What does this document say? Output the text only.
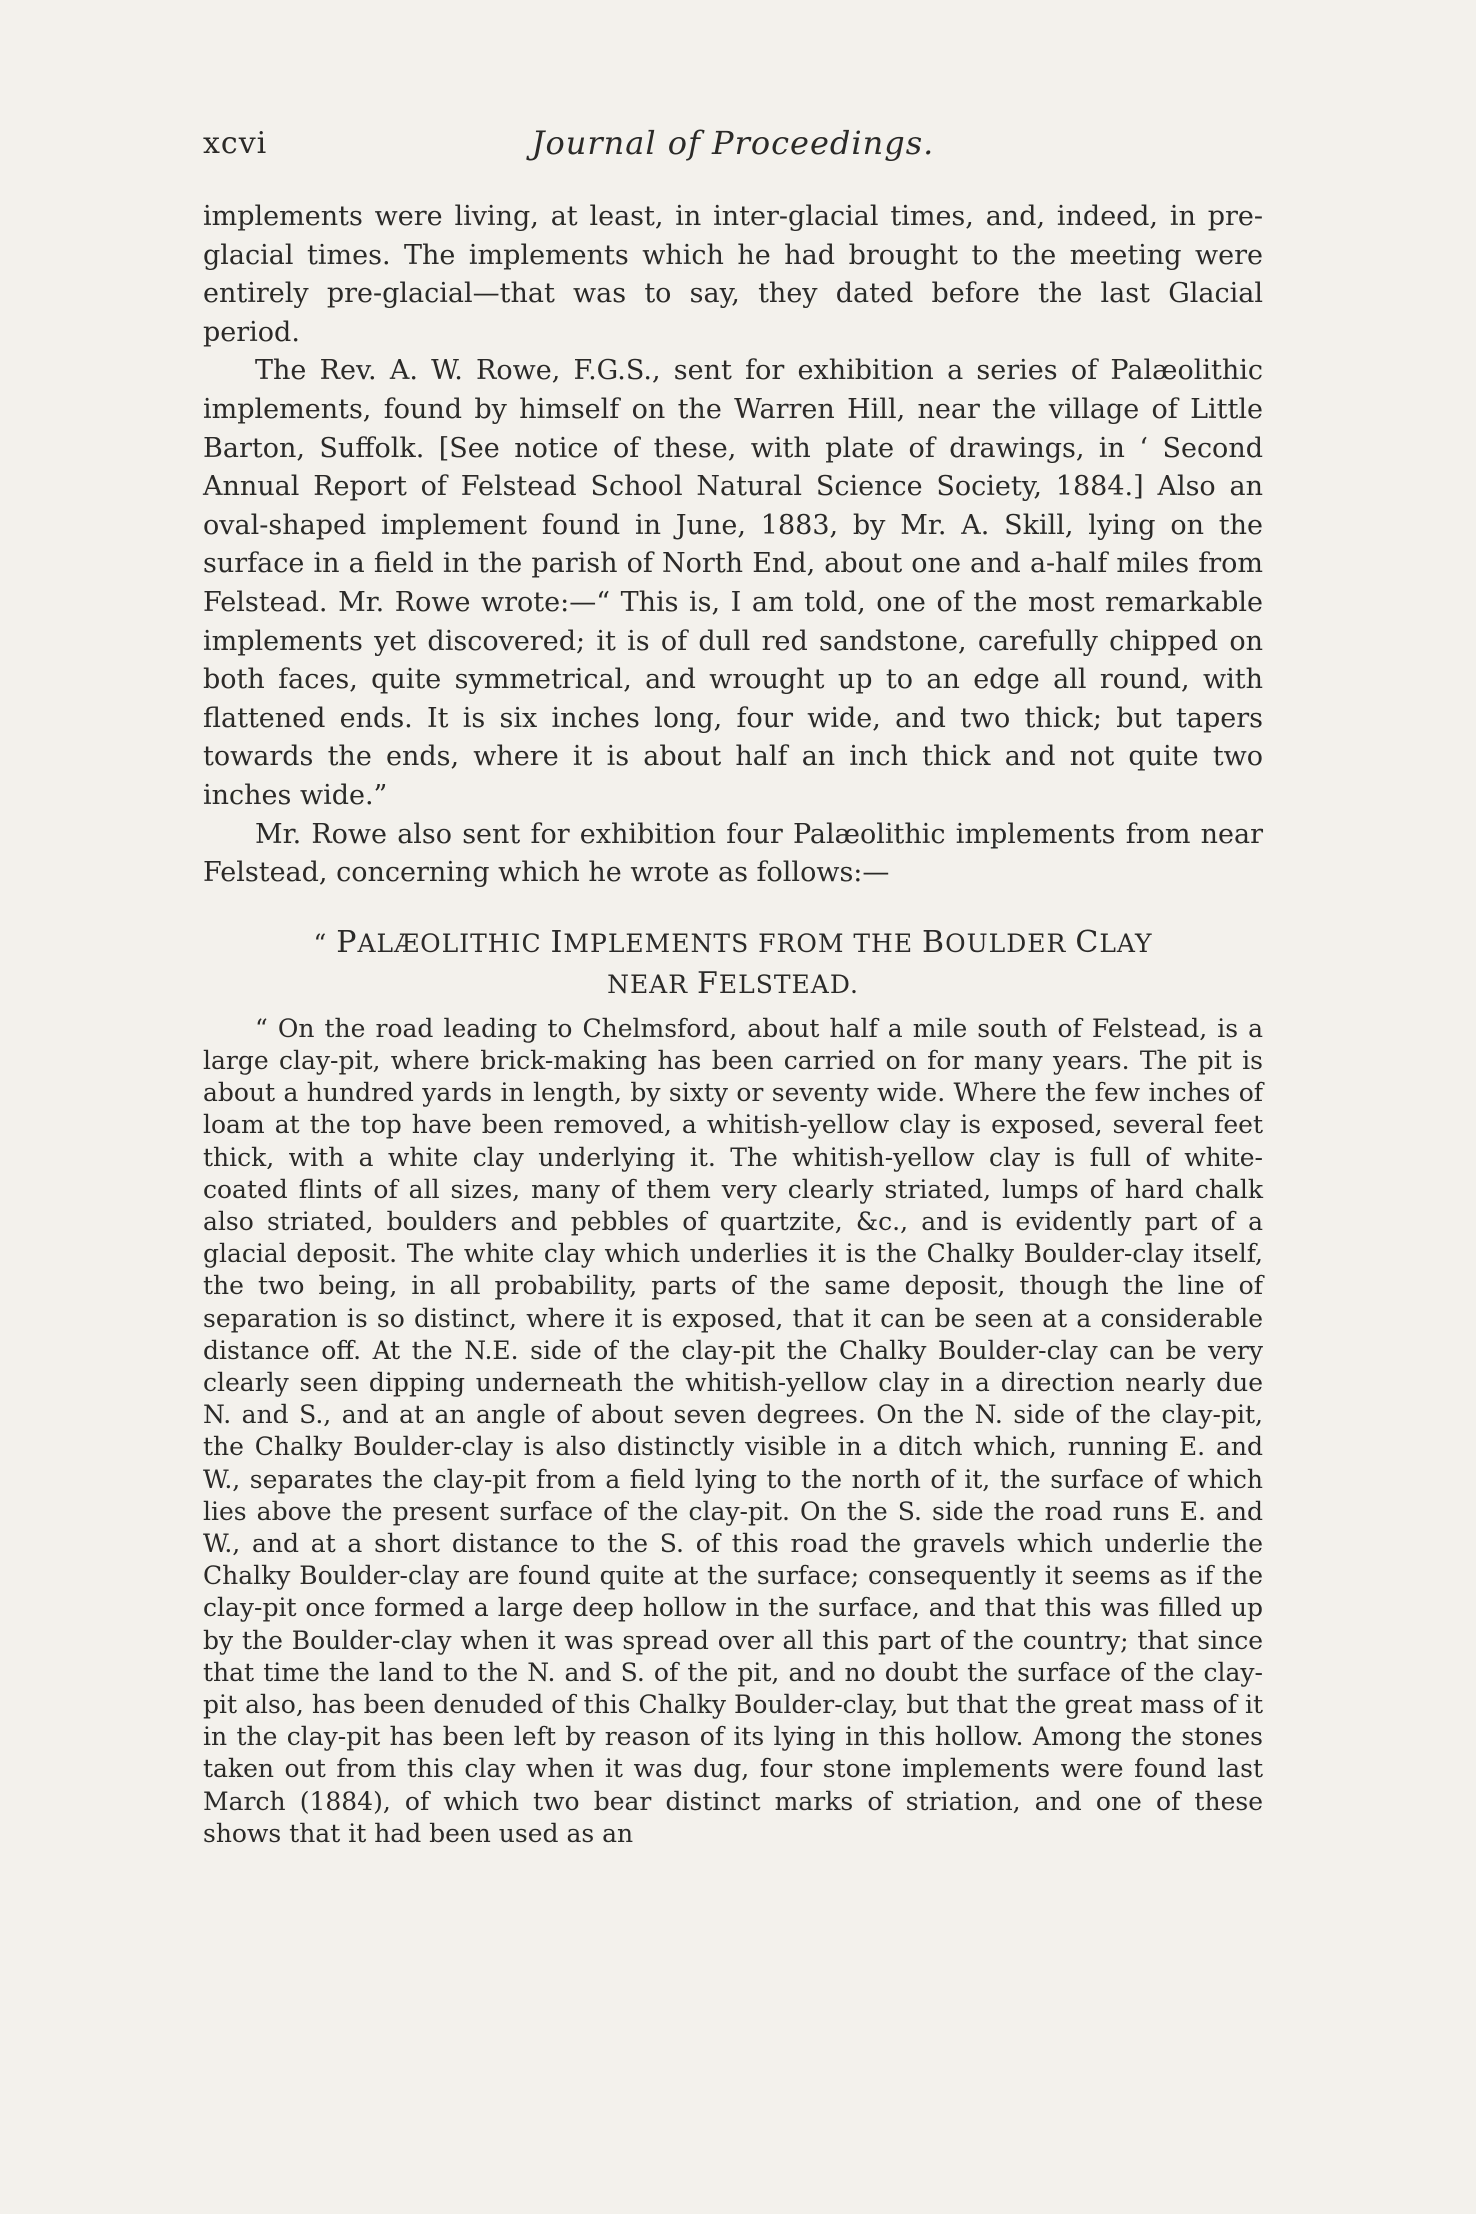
xcvi	Journal of Proceedings.

implements were living, at least, in inter-glacial times, and, indeed, in pre-glacial times. The implements which he had brought to the meeting were entirely pre-glacial—that was to say, they dated before the last Glacial period.

The Rev. A. W. Rowe, F.G.S., sent for exhibition a series of Palæolithic implements, found by himself on the Warren Hill, near the village of Little Barton, Suffolk. [See notice of these, with plate of drawings, in ‘ Second Annual Report of Felstead School Natural Science Society, 1884.] Also an oval-shaped implement found in June, 1883, by Mr. A. Skill, lying on the surface in a field in the parish of North End, about one and a-half miles from Felstead. Mr. Rowe wrote:—“ This is, I am told, one of the most remarkable implements yet discovered; it is of dull red sandstone, carefully chipped on both faces, quite symmetrical, and wrought up to an edge all round, with flattened ends. It is six inches long, four wide, and two thick; but tapers towards the ends, where it is about half an inch thick and not quite two inches wide.”

Mr. Rowe also sent for exhibition four Palæolithic implements from near Felstead, concerning which he wrote as follows:—

“ PALÆOLITHIC IMPLEMENTS FROM THE BOULDER CLAY
NEAR FELSTEAD.

“ On the road leading to Chelmsford, about half a mile south of Felstead, is a large clay-pit, where brick-making has been carried on for many years. The pit is about a hundred yards in length, by sixty or seventy wide. Where the few inches of loam at the top have been removed, a whitish-yellow clay is exposed, several feet thick, with a white clay underlying it. The whitish-yellow clay is full of white-coated flints of all sizes, many of them very clearly striated, lumps of hard chalk also striated, boulders and pebbles of quartzite, &c., and is evidently part of a glacial deposit. The white clay which underlies it is the Chalky Boulder-clay itself, the two being, in all probability, parts of the same deposit, though the line of separation is so distinct, where it is exposed, that it can be seen at a considerable distance off. At the N.E. side of the clay-pit the Chalky Boulder-clay can be very clearly seen dipping underneath the whitish-yellow clay in a direction nearly due N. and S., and at an angle of about seven degrees. On the N. side of the clay-pit, the Chalky Boulder-clay is also distinctly visible in a ditch which, running E. and W., separates the clay-pit from a field lying to the north of it, the surface of which lies above the present surface of the clay-pit. On the S. side the road runs E. and W., and at a short distance to the S. of this road the gravels which underlie the Chalky Boulder-clay are found quite at the surface; consequently it seems as if the clay-pit once formed a large deep hollow in the surface, and that this was filled up by the Boulder-clay when it was spread over all this part of the country; that since that time the land to the N. and S. of the pit, and no doubt the surface of the clay-pit also, has been denuded of this Chalky Boulder-clay, but that the great mass of it in the clay-pit has been left by reason of its lying in this hollow. Among the stones taken out from this clay when it was dug, four stone implements were found last March (1884), of which two bear distinct marks of striation, and one of these shows that it had been used as an
